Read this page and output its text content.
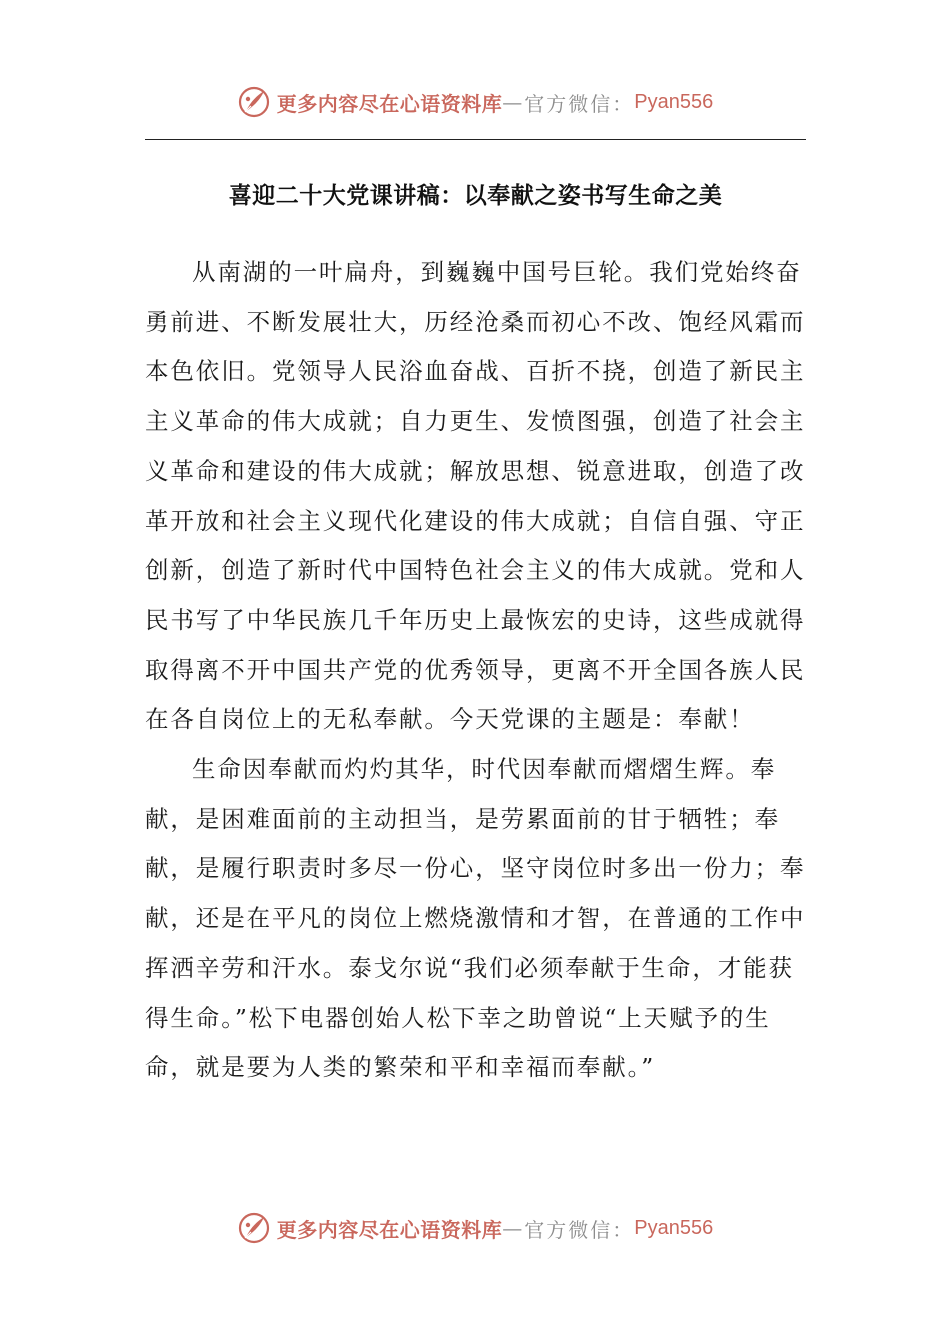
更多内容尽在心语资料库 — 官方微信： Pyan556
喜迎二十大党课讲稿：以奉献之姿书写生命之美

从南湖的一叶扁舟，到巍巍中国号巨轮。我们党始终奋勇前进、不断发展壮大，历经沧桑而初心不改、饱经风霜而本色依旧。党领导人民浴血奋战、百折不挠，创造了新民主主义革命的伟大成就；自力更生、发愤图强，创造了社会主义革命和建设的伟大成就；解放思想、锐意进取，创造了改革开放和社会主义现代化建设的伟大成就；自信自强、守正创新，创造了新时代中国特色社会主义的伟大成就。党和人民书写了中华民族几千年历史上最恢宏的史诗，这些成就得取得离不开中国共产党的优秀领导，更离不开全国各族人民在各自岗位上的无私奉献。今天党课的主题是：奉献！

生命因奉献而灼灼其华，时代因奉献而熠熠生辉。奉献，是困难面前的主动担当，是劳累面前的甘于牺牲；奉献，是履行职责时多尽一份心，坚守岗位时多出一份力；奉献，还是在平凡的岗位上燃烧激情和才智，在普通的工作中挥洒辛劳和汗水。泰戈尔说“我们必须奉献于生命，才能获得生命。”松下电器创始人松下幸之助曾说“上天赋予的生命，就是要为人类的繁荣和平和幸福而奉献。”

更多内容尽在心语资料库 — 官方微信： Pyan556
